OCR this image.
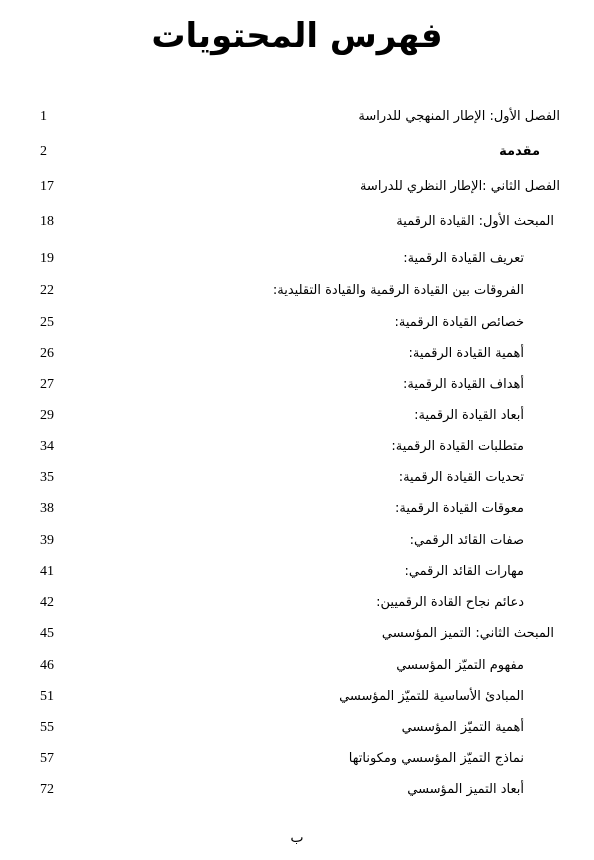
فهرس المحتويات
1	الفصل الأول: الإطار المنهجي للدراسة
2	مقدمة
17	الفصل الثاني :الإطار النظري للدراسة
18	المبحث الأول: القيادة الرقمية
19	تعريف القيادة الرقمية:
22	الفروقات بين القيادة الرقمية والقيادة التقليدية:
25	خصائص القيادة الرقمية:
26	أهمية القيادة الرقمية:
27	أهداف القيادة الرقمية:
29	أبعاد القيادة الرقمية:
34	متطلبات القيادة الرقمية:
35	تحديات القيادة الرقمية:
38	معوقات القيادة الرقمية:
39	صفات القائد الرقمي:
41	مهارات القائد الرقمي:
42	دعائم نجاح القادة الرقميين:
45	المبحث الثاني: التميز المؤسسي
46	مفهوم التميّز المؤسسي
51	المبادئ الأساسية للتميّز المؤسسي
55	أهمية التميّز المؤسسي
57	نماذج التميّز المؤسسي ومكوناتها
72	أبعاد التميز المؤسسي
ب
